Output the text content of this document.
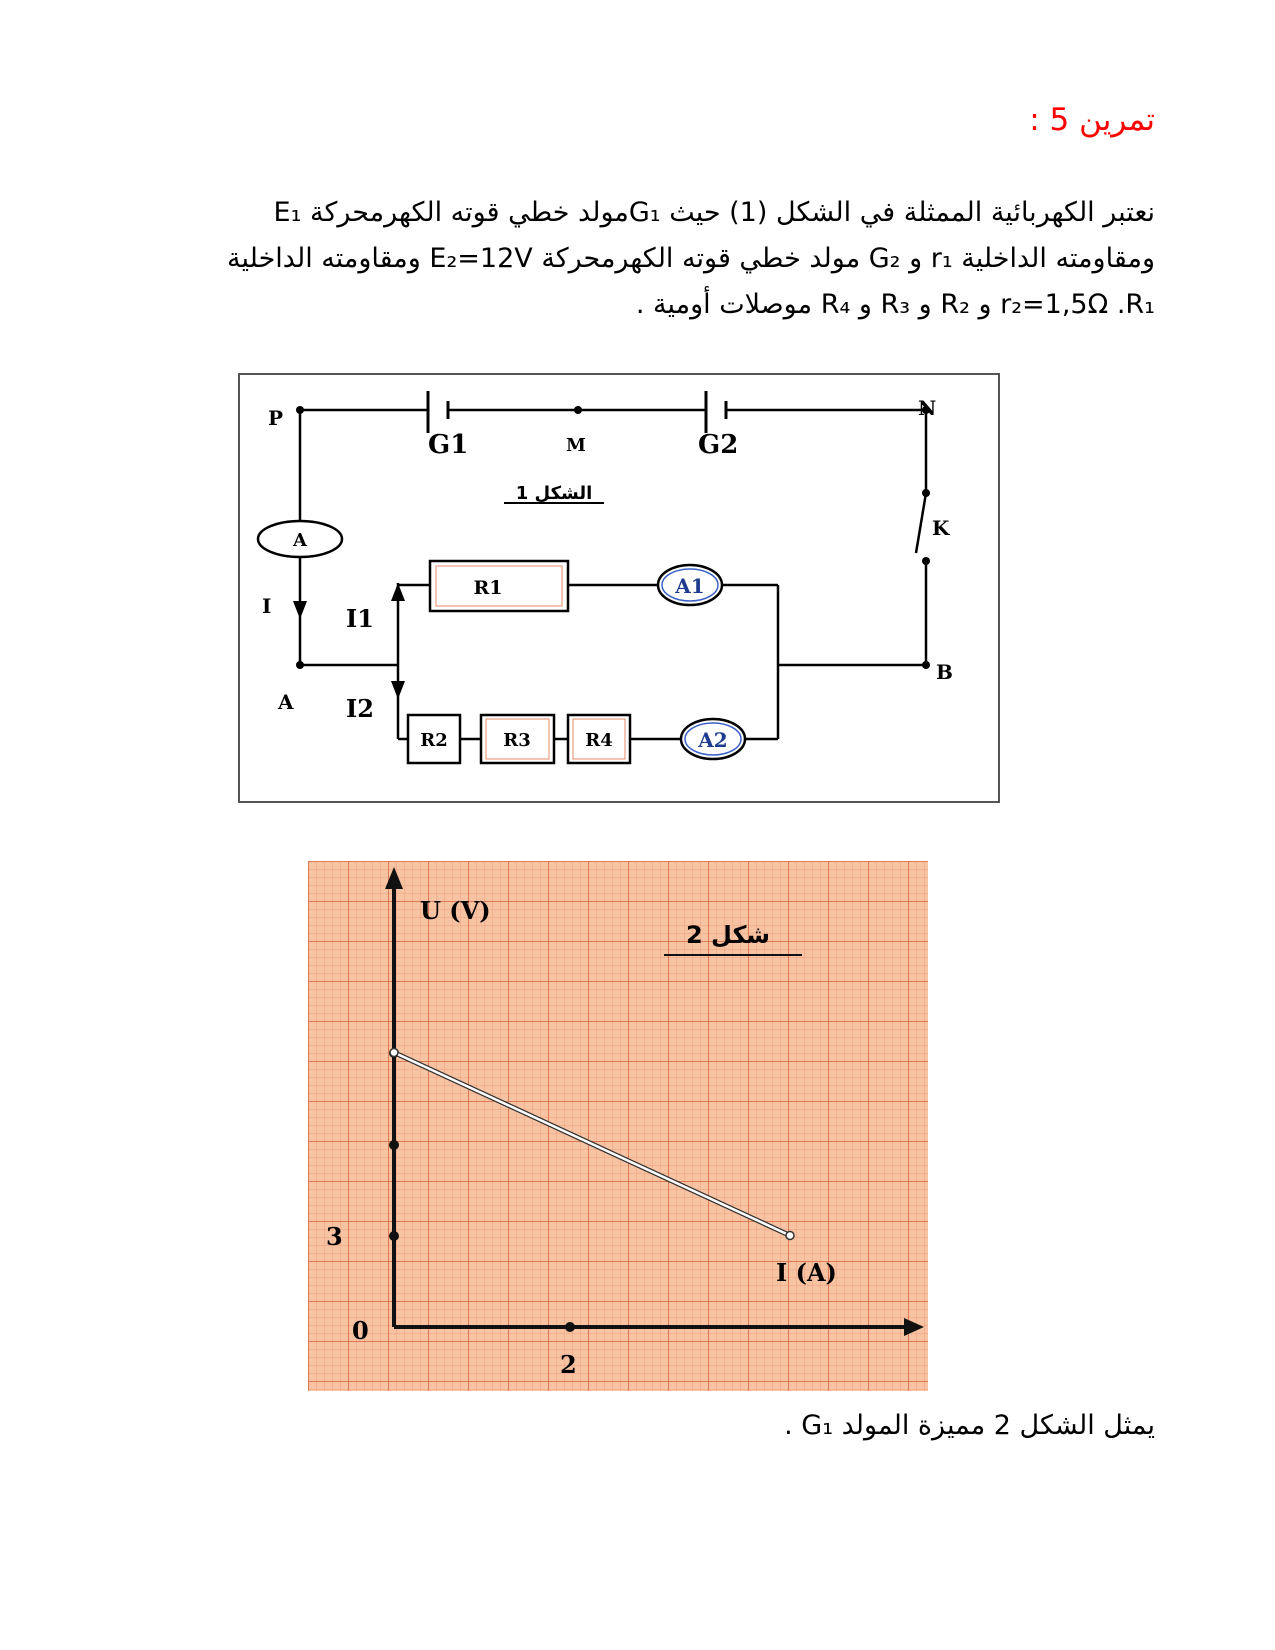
تمرين 5 :
نعتبر الكهربائية الممثلة في الشكل (1) حيث G₁مولد خطي قوته الكهرمحركة E₁
ومقاومته الداخلية r₁ و G₂ مولد خطي قوته الكهرمحركة E₂=12V ومقاومته الداخلية
r₂=1,5Ω .R₁ و R₂ و R₃ و R₄ موصلات أومية .
A
R1	A1
R2	R3	R4	A2
P
G1	M	G2
N
الشكل 1
K
I	I1
A I2
B
U (V)
I (A)
شكل 2
3
0
2
يمثل الشكل 2 مميزة المولد G₁ .
